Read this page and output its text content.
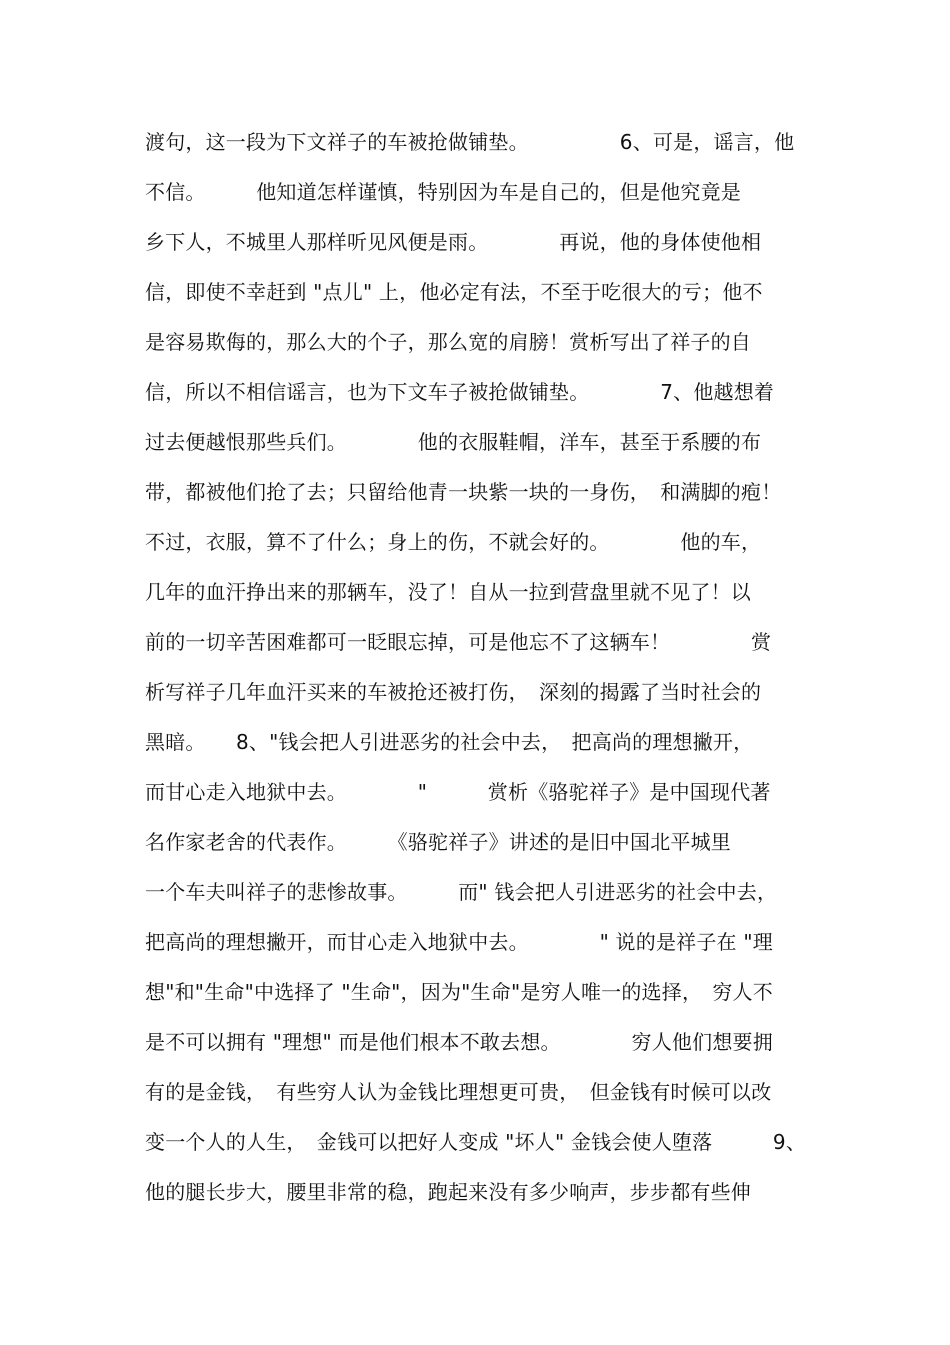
渡句，这一段为下文祥子的车被抢做铺垫。　　　　　6、可是，谣言，他
不信。　　　他知道怎样谨慎，特别因为车是自己的，但是他究竟是
乡下人，不城里人那样听见风便是雨。　　　　再说，他的身体使他相
信，即使不幸赶到 "点儿" 上，他必定有法，不至于吃很大的亏；他不
是容易欺侮的，那么大的个子，那么宽的肩膀！赏析写出了祥子的自
信，所以不相信谣言，也为下文车子被抢做铺垫。　　　　7、他越想着
过去便越恨那些兵们。　　　　他的衣服鞋帽，洋车，甚至于系腰的布
带，都被他们抢了去；只留给他青一块紫一块的一身伤，　和满脚的疱！
不过，衣服，算不了什么；身上的伤，不就会好的。　　　　他的车，
几年的血汗挣出来的那辆车，没了！自从一拉到营盘里就不见了！以
前的一切辛苦困难都可一眨眼忘掉，可是他忘不了这辆车！　　　　赏
析写祥子几年血汗买来的车被抢还被打伤，　深刻的揭露了当时社会的
黑暗。　　8、"钱会把人引进恶劣的社会中去，　把高尚的理想撇开，
而甘心走入地狱中去。　　　　"　　　赏析《骆驼祥子》是中国现代著
名作家老舍的代表作。　　　《骆驼祥子》讲述的是旧中国北平城里
一个车夫叫祥子的悲惨故事。　　　而" 钱会把人引进恶劣的社会中去，
把高尚的理想撇开，而甘心走入地狱中去。　　　　" 说的是祥子在 "理
想"和"生命"中选择了 "生命"，因为"生命"是穷人唯一的选择，　穷人不
是不可以拥有 "理想" 而是他们根本不敢去想。　　　　穷人他们想要拥
有的是金钱，　有些穷人认为金钱比理想更可贵，　但金钱有时候可以改
变一个人的人生，　金钱可以把好人变成 "坏人" 金钱会使人堕落　　　9、
他的腿长步大，腰里非常的稳，跑起来没有多少响声，步步都有些伸
